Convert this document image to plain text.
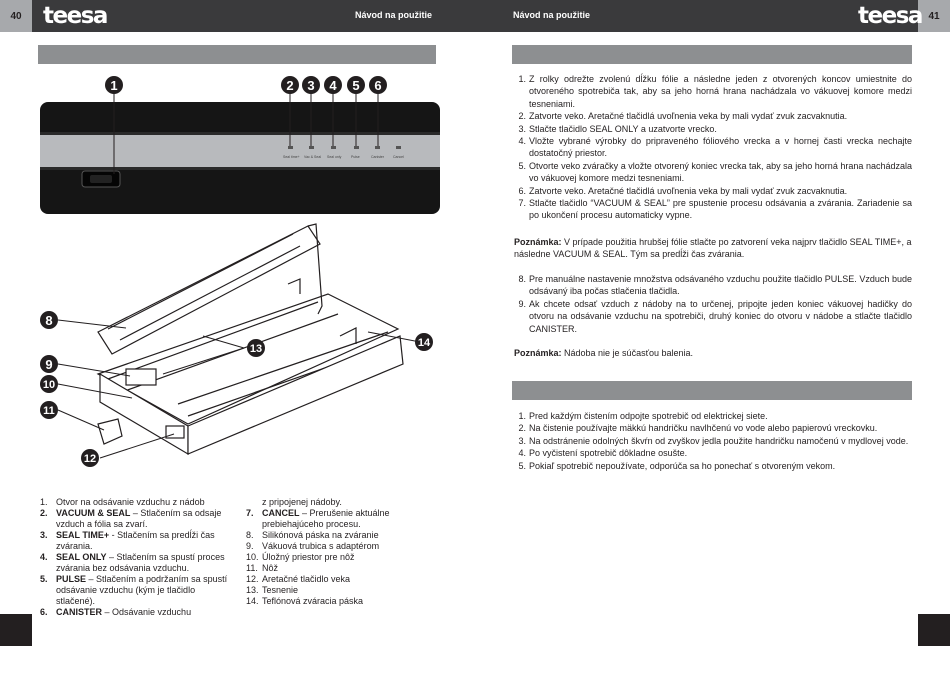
40	41
teesa	teesa
Návod na použitie	Návod na použitie
Seal time+ Vac & Seal Seal only	Pulse	Canister	Cancel
1	2 3 4 5 6
8
9
10
11
12
13	14
1. Otvor na odsávanie vzduchu z nádob
2. VACUUM & SEAL – Stlačením sa odsaje vzduch a fólia sa zvarí.
3. SEAL TIME+ - Stlačením sa predĺži čas zvárania.
4. SEAL ONLY – Stlačením sa spustí proces zvárania bez odsávania vzduchu.
5. PULSE – Stlačením a podržaním sa spustí odsávanie vzduchu (kým je tlačidlo stlačené).
6. CANISTER – Odsávanie vzduchu
z pripojenej nádoby.
7. CANCEL – Prerušenie aktuálne prebiehajúceho procesu.
8. Silikónová páska na zváranie
9. Vákuová trubica s adaptérom
10. Úložný priestor pre nôž
11. Nôž
12. Aretačné tlačidlo veka
13. Tesnenie
14. Teflónová zváracia páska
1. Z rolky odrežte zvolenú dĺžku fólie a následne jeden z otvorených koncov umiestnite do otvoreného spotrebiča tak, aby sa jeho horná hrana nachádzala vo vákuovej komore medzi tesneniami.
2. Zatvorte veko. Aretačné tlačidlá uvoľnenia veka by mali vydať zvuk zacvaknutia.
3. Stlačte tlačidlo SEAL ONLY a uzatvorte vrecko.
4. Vložte vybrané výrobky do pripraveného fóliového vrecka a v hornej časti vrecka nechajte dostatočný priestor.
5. Otvorte veko zváračky a vložte otvorený koniec vrecka tak, aby sa jeho horná hrana nachádzala vo vákuovej komore medzi tesneniami.
6. Zatvorte veko. Aretačné tlačidlá uvoľnenia veka by mali vydať zvuk zacvaknutia.
7. Stlačte tlačidlo “VACUUM & SEAL” pre spustenie procesu odsávania a zvárania. Zariadenie sa po ukončení procesu automaticky vypne.
Poznámka: V prípade použitia hrubšej fólie stlačte po zatvorení veka najprv tlačidlo SEAL TIME+, a následne VACUUM & SEAL. Tým sa predĺži čas zvárania.
8. Pre manuálne nastavenie množstva odsávaného vzduchu použite tlačidlo PULSE. Vzduch bude odsávaný iba počas stlačenia tlačidla.
9. Ak chcete odsať vzduch z nádoby na to určenej, pripojte jeden koniec vákuovej hadičky do otvoru na odsávanie vzduchu na spotrebiči, druhý koniec do otvoru v nádobe a stlačte tlačidlo CANISTER.
Poznámka: Nádoba nie je súčasťou balenia.
1. Pred každým čistením odpojte spotrebič od elektrickej siete.
2. Na čistenie používajte mäkkú handričku navlhčenú vo vode alebo papierovú vreckovku.
3. Na odstránenie odolných škvŕn od zvyškov jedla použite handričku namočenú v mydlovej vode.
4. Po vyčistení spotrebič dôkladne osušte.
5. Pokiaľ spotrebič nepoužívate, odporúča sa ho ponechať s otvoreným vekom.
